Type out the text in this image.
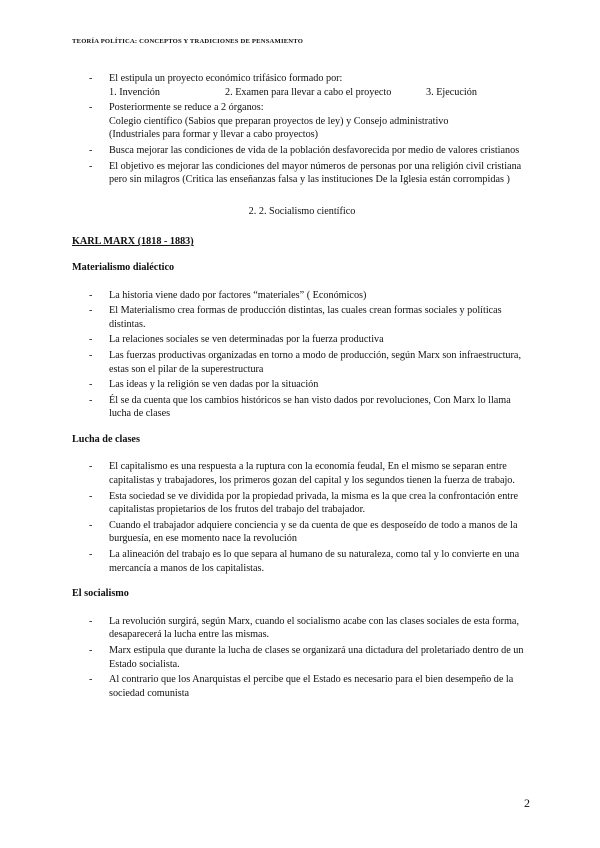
TEORÍA POLÍTICA: CONCEPTOS Y TRADICIONES DE PENSAMIENTO
- El estipula un proyecto económico trifásico formado por:
1. Invención	2. Examen para llevar a cabo el proyecto	3. Ejecución
- Posteriormente se reduce a 2 órganos:
Colegio científico (Sabios que preparan proyectos de ley) y Consejo administrativo
(Industriales para formar y llevar a cabo proyectos)
- Busca mejorar las condiciones de vida de la población desfavorecida por medio de valores cristianos
- El objetivo es mejorar las condiciones del mayor números de personas por una religión civil cristiana pero sin milagros (Critica las enseñanzas falsa y las instituciones De la Iglesia están corrompidas )
2. 2. Socialismo científico
KARL MARX (1818 - 1883)
Materialismo dialéctico
- La historia viene dado por factores “materiales” ( Económicos)
- El Materialismo crea formas de producción distintas, las cuales crean formas sociales y políticas distintas.
- La relaciones sociales se ven determinadas por la fuerza productiva
- Las fuerzas productivas organizadas en torno a modo de producción, según Marx son infraestructura, estas son el pilar de la superestructura
- Las ideas y la religión se ven dadas por la situación
- Él se da cuenta que los cambios históricos se han visto dados por revoluciones, Con Marx lo llama lucha de clases
Lucha de clases
- El capitalismo es una respuesta a la ruptura con la economía feudal, En el mismo se separan entre capitalistas y trabajadores, los primeros gozan del capital y los segundos tienen la fuerza de trabajo.
- Esta sociedad se ve dividida por la propiedad privada, la misma es la que crea la confrontación entre capitalistas propietarios de los frutos del trabajo del trabajador.
- Cuando el trabajador adquiere conciencia y se da cuenta de que es desposeído de todo a manos de la burguesía, en ese momento nace la revolución
- La alineación del trabajo es lo que separa al humano de su naturaleza, como tal y lo convierte en una mercancía a manos de los capitalistas.
El socialismo
- La revolución surgirá, según Marx, cuando el socialismo acabe con las clases sociales de esta forma, desaparecerá la lucha entre las mismas.
- Marx estipula que durante la lucha de clases se organizará una dictadura del proletariado dentro de un Estado socialista.
- Al contrario que los Anarquistas el percibe que el Estado es necesario para el bien desempeño de la sociedad comunista
2
